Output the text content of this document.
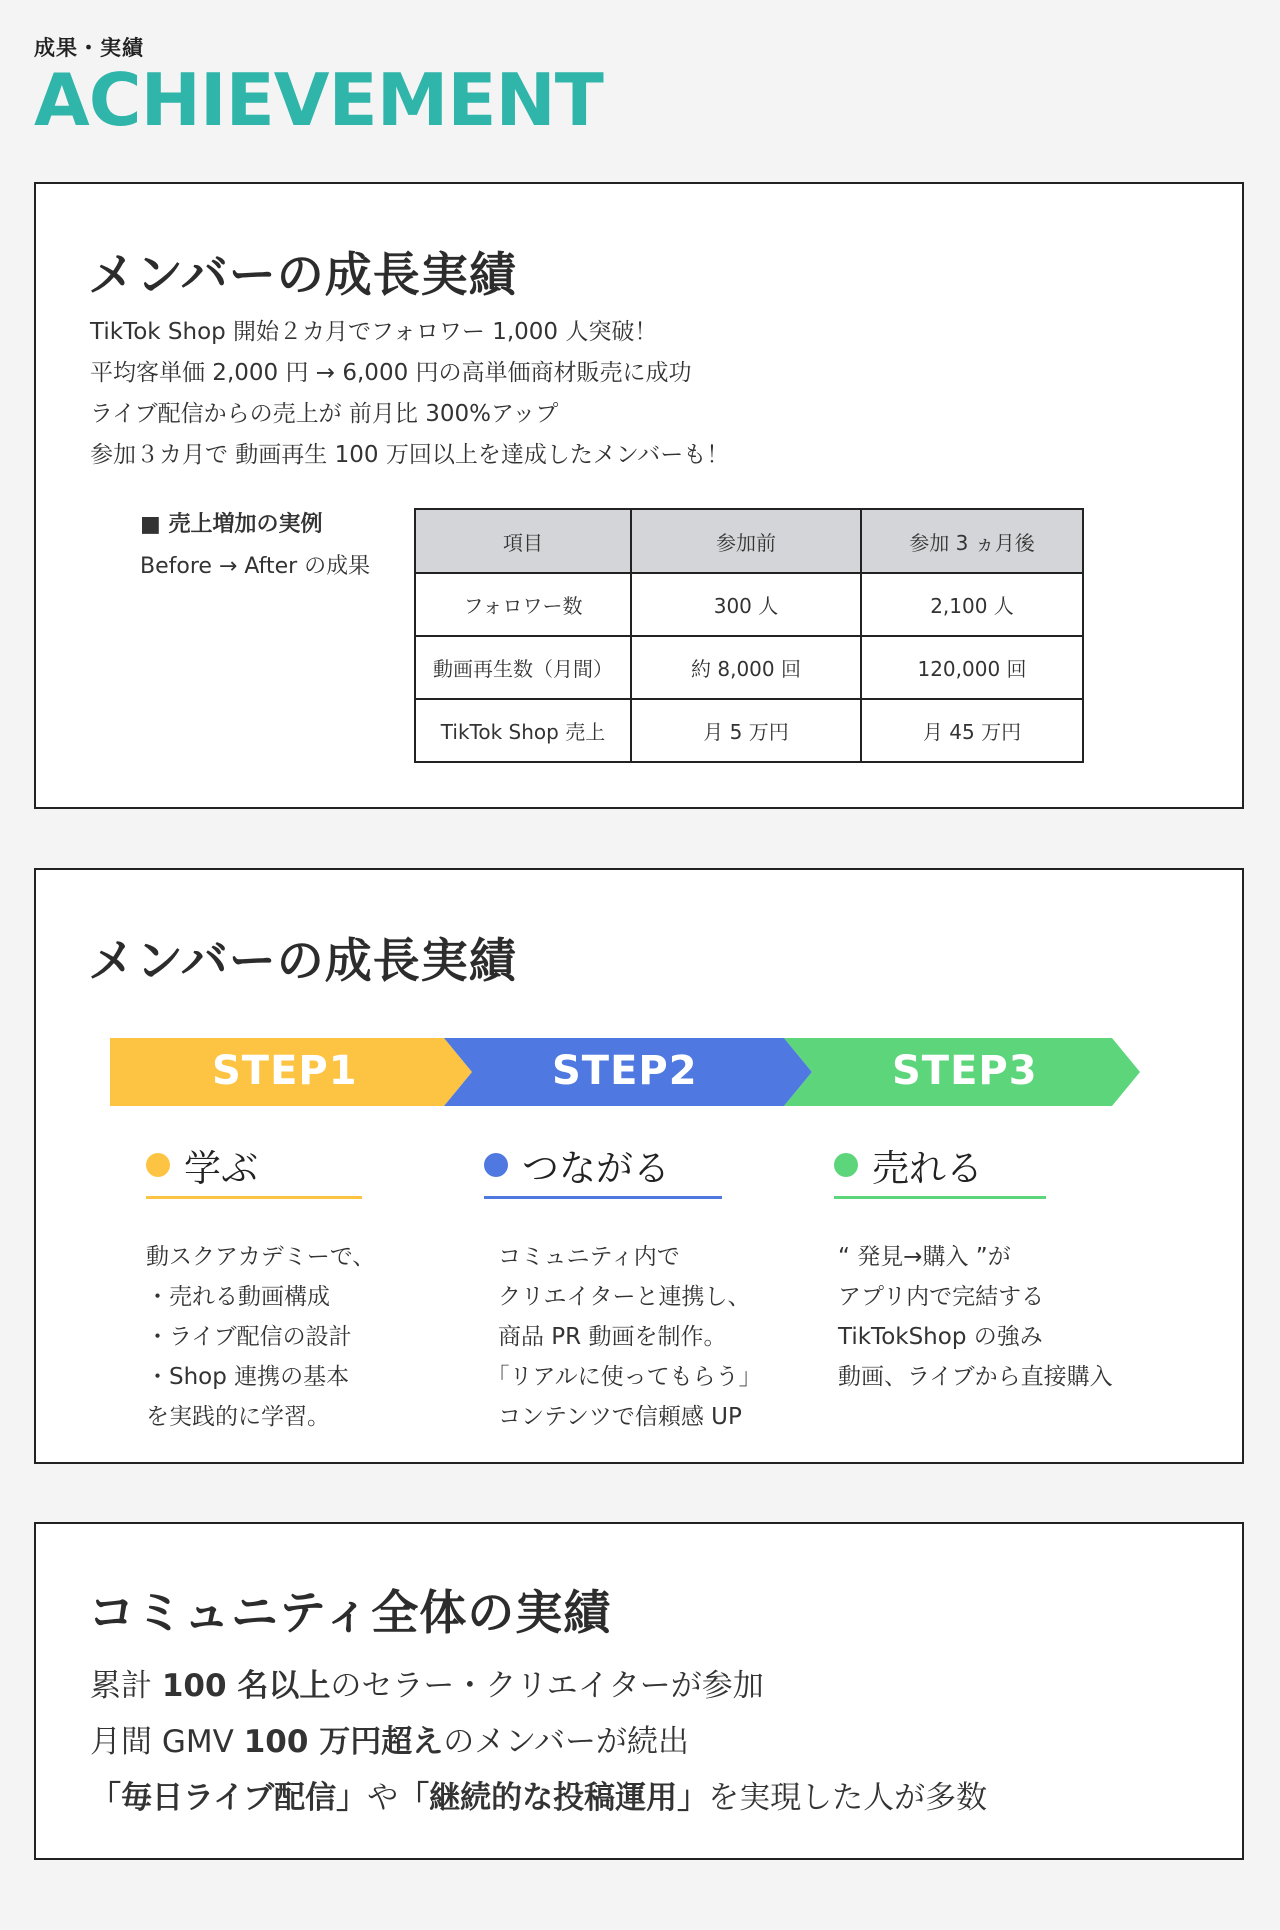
成果・実績
ACHIEVEMENT
メンバーの成長実績
TikTok Shop 開始２カ月でフォロワー 1,000 人突破！
平均客単価 2,000 円 → 6,000 円の高単価商材販売に成功
ライブ配信からの売上が 前月比 300%アップ
参加３カ月で 動画再生 100 万回以上を達成したメンバーも！
■ 売上増加の実例
Before → After の成果
項目	参加前	参加 3 ヵ月後
フォロワー数	300 人	2,100 人
動画再生数（月間）	約 8,000 回	120,000 回
TikTok Shop 売上	月 5 万円	月 45 万円
メンバーの成長実績
STEP1	STEP2	STEP3
学ぶ
動スクアカデミーで、
・売れる動画構成
・ライブ配信の設計
・Shop 連携の基本
を実践的に学習。
つながる
コミュニティ内で
クリエイターと連携し、
商品 PR 動画を制作。
｢リアルに使ってもらう｣
コンテンツで信頼感 UP
売れる
“ 発見→購入 ”が
アプリ内で完結する
TikTokShop の強み
動画、ライブから直接購入
コミュニティ全体の実績
累計 100 名以上のセラー・クリエイターが参加
月間 GMV 100 万円超えのメンバーが続出
「毎日ライブ配信」や「継続的な投稿運用」を実現した人が多数
